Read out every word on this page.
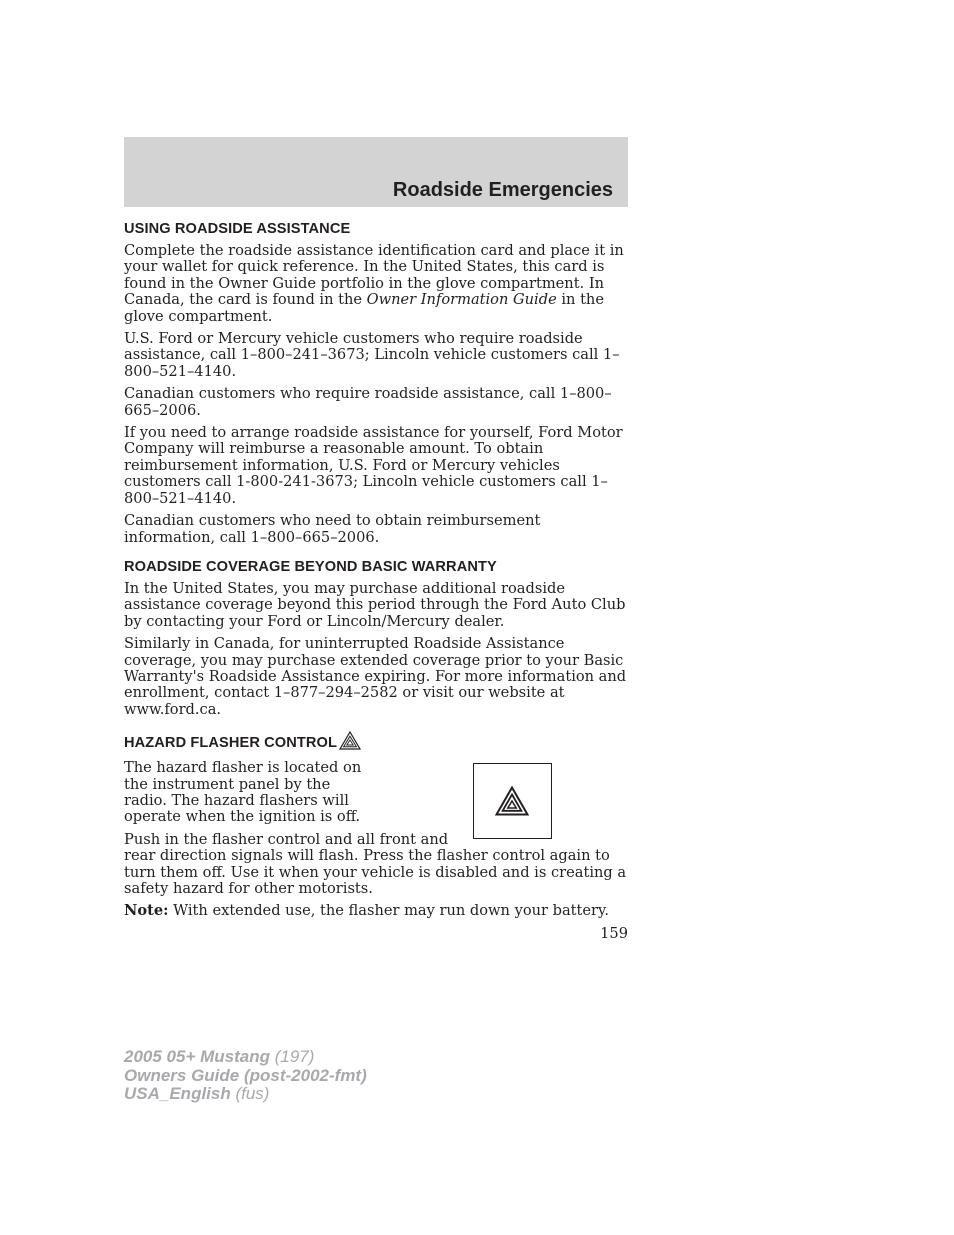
Roadside Emergencies
USING ROADSIDE ASSISTANCE

Complete the roadside assistance identification card and place it in your wallet for quick reference. In the United States, this card is found in the Owner Guide portfolio in the glove compartment. In Canada, the card is found in the Owner Information Guide in the glove compartment.

U.S. Ford or Mercury vehicle customers who require roadside assistance, call 1–800–241–3673; Lincoln vehicle customers call 1–800–521–4140.

Canadian customers who require roadside assistance, call 1–800–665–2006.

If you need to arrange roadside assistance for yourself, Ford Motor Company will reimburse a reasonable amount. To obtain reimbursement information, U.S. Ford or Mercury vehicles customers call 1-800-241-3673; Lincoln vehicle customers call 1–800–521–4140.

Canadian customers who need to obtain reimbursement information, call 1–800–665–2006.

ROADSIDE COVERAGE BEYOND BASIC WARRANTY

In the United States, you may purchase additional roadside assistance coverage beyond this period through the Ford Auto Club by contacting your Ford or Lincoln/Mercury dealer.

Similarly in Canada, for uninterrupted Roadside Assistance coverage, you may purchase extended coverage prior to your Basic Warranty's Roadside Assistance expiring. For more information and enrollment, contact 1–877–294–2582 or visit our website at www.ford.ca.

HAZARD FLASHER CONTROL

The hazard flasher is located on the instrument panel by the radio. The hazard flashers will operate when the ignition is off.

Push in the flasher control and all front and rear direction signals will flash. Press the flasher control again to turn them off. Use it when your vehicle is disabled and is creating a safety hazard for other motorists.

Note: With extended use, the flasher may run down your battery.

159
2005 05+ Mustang (197)
Owners Guide (post-2002-fmt)
USA_English (fus)
